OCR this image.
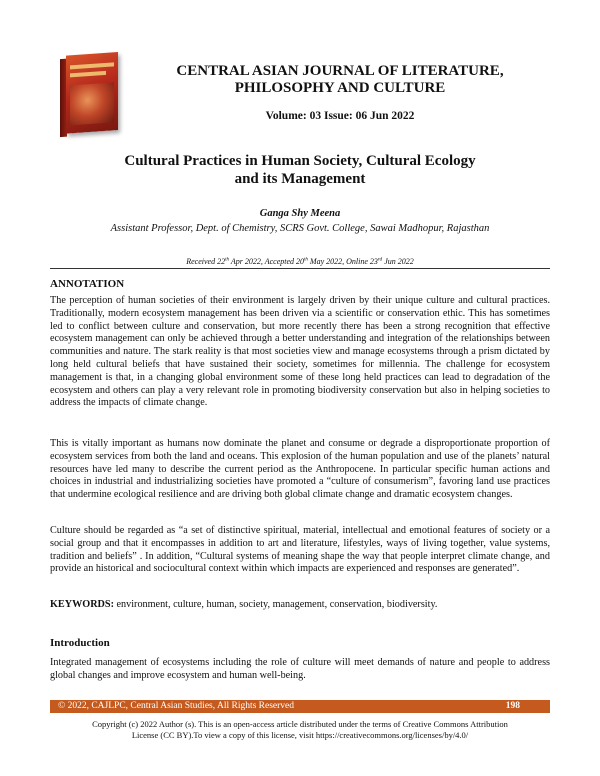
CENTRAL ASIAN JOURNAL OF LITERATURE,
PHILOSOPHY AND CULTURE
Volume: 03 Issue: 06 Jun 2022
Cultural Practices in Human Society, Cultural Ecology
and its Management
Ganga Shy Meena
Assistant Professor, Dept. of Chemistry, SCRS Govt. College, Sawai Madhopur, Rajasthan
Received 22th Apr 2022, Accepted 20th May 2022, Online 23rd Jun 2022
ANNOTATION

The perception of human societies of their environment is largely driven by their unique culture and cultural practices. Traditionally, modern ecosystem management has been driven via a scientific or conservation ethic. This has sometimes led to conflict between culture and conservation, but more recently there has been a strong recognition that effective ecosystem management can only be achieved through a better understanding and integration of the relationships between communities and nature. The stark reality is that most societies view and manage ecosystems through a prism dictated by long held cultural beliefs that have sustained their society, sometimes for millennia. The challenge for ecosystem management is that, in a changing global environment some of these long held practices can lead to degradation of the ecosystem and others can play a very relevant role in promoting biodiversity conservation but also in helping societies to address the impacts of climate change.

This is vitally important as humans now dominate the planet and consume or degrade a disproportionate proportion of ecosystem services from both the land and oceans. This explosion of the human population and use of the planets’ natural resources have led many to describe the current period as the Anthropocene. In particular specific human actions and choices in industrial and industrializing societies have promoted a “culture of consumerism”, favoring land use practices that undermine ecological resilience and are driving both global climate change and dramatic ecosystem changes.

Culture should be regarded as “a set of distinctive spiritual, material, intellectual and emotional features of society or a social group and that it encompasses in addition to art and literature, lifestyles, ways of living together, value systems, tradition and beliefs” . In addition, “Cultural systems of meaning shape the way that people interpret climate change, and provide an historical and sociocultural context within which impacts are experienced and responses are generated”.

KEYWORDS: environment, culture, human, society, management, conservation, biodiversity.
Introduction

Integrated management of ecosystems including the role of culture will meet demands of nature and people to address global changes and improve ecosystem and human well-being.

© 2022, CAJLPC, Central Asian Studies, All Rights Reserved	198
Copyright (c) 2022 Author (s). This is an open-access article distributed under the terms of Creative Commons Attribution
License (CC BY).To view a copy of this license, visit https://creativecommons.org/licenses/by/4.0/
